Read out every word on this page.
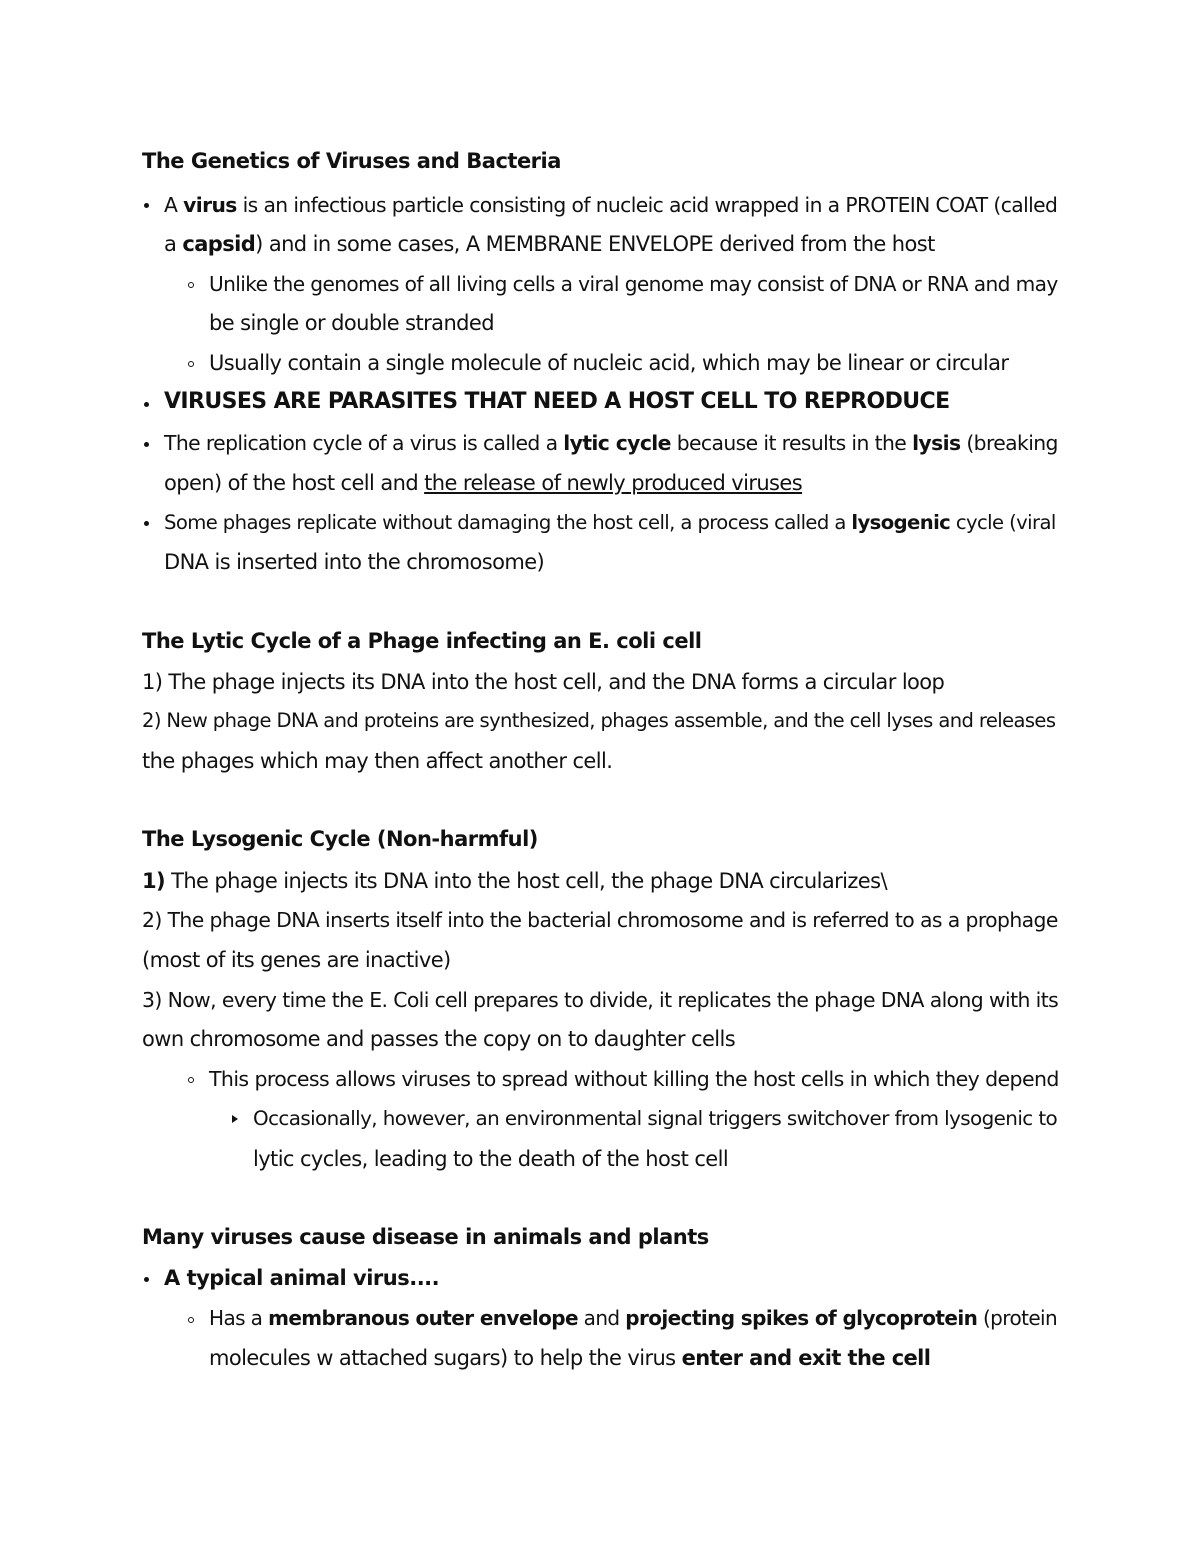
The Genetics of Viruses and Bacteria
A virus is an infectious particle consisting of nucleic acid wrapped in a PROTEIN COAT (called
a capsid) and in some cases, A MEMBRANE ENVELOPE derived from the host
Unlike the genomes of all living cells a viral genome may consist of DNA or RNA and may
be single or double stranded
Usually contain a single molecule of nucleic acid, which may be linear or circular
VIRUSES ARE PARASITES THAT NEED A HOST CELL TO REPRODUCE
The replication cycle of a virus is called a lytic cycle because it results in the lysis (breaking
open) of the host cell and the release of newly produced viruses
Some phages replicate without damaging the host cell, a process called a lysogenic cycle (viral
DNA is inserted into the chromosome)
The Lytic Cycle of a Phage infecting an E. coli cell
1) The phage injects its DNA into the host cell, and the DNA forms a circular loop
2) New phage DNA and proteins are synthesized, phages assemble, and the cell lyses and releases
the phages which may then affect another cell.
The Lysogenic Cycle (Non-harmful)
1) The phage injects its DNA into the host cell, the phage DNA circularizes\
2) The phage DNA inserts itself into the bacterial chromosome and is referred to as a prophage
(most of its genes are inactive)
3) Now, every time the E. Coli cell prepares to divide, it replicates the phage DNA along with its
own chromosome and passes the copy on to daughter cells
This process allows viruses to spread without killing the host cells in which they depend
Occasionally, however, an environmental signal triggers switchover from lysogenic to
lytic cycles, leading to the death of the host cell
Many viruses cause disease in animals and plants
A typical animal virus....
Has a membranous outer envelope and projecting spikes of glycoprotein (protein
molecules w attached sugars) to help the virus enter and exit the cell
